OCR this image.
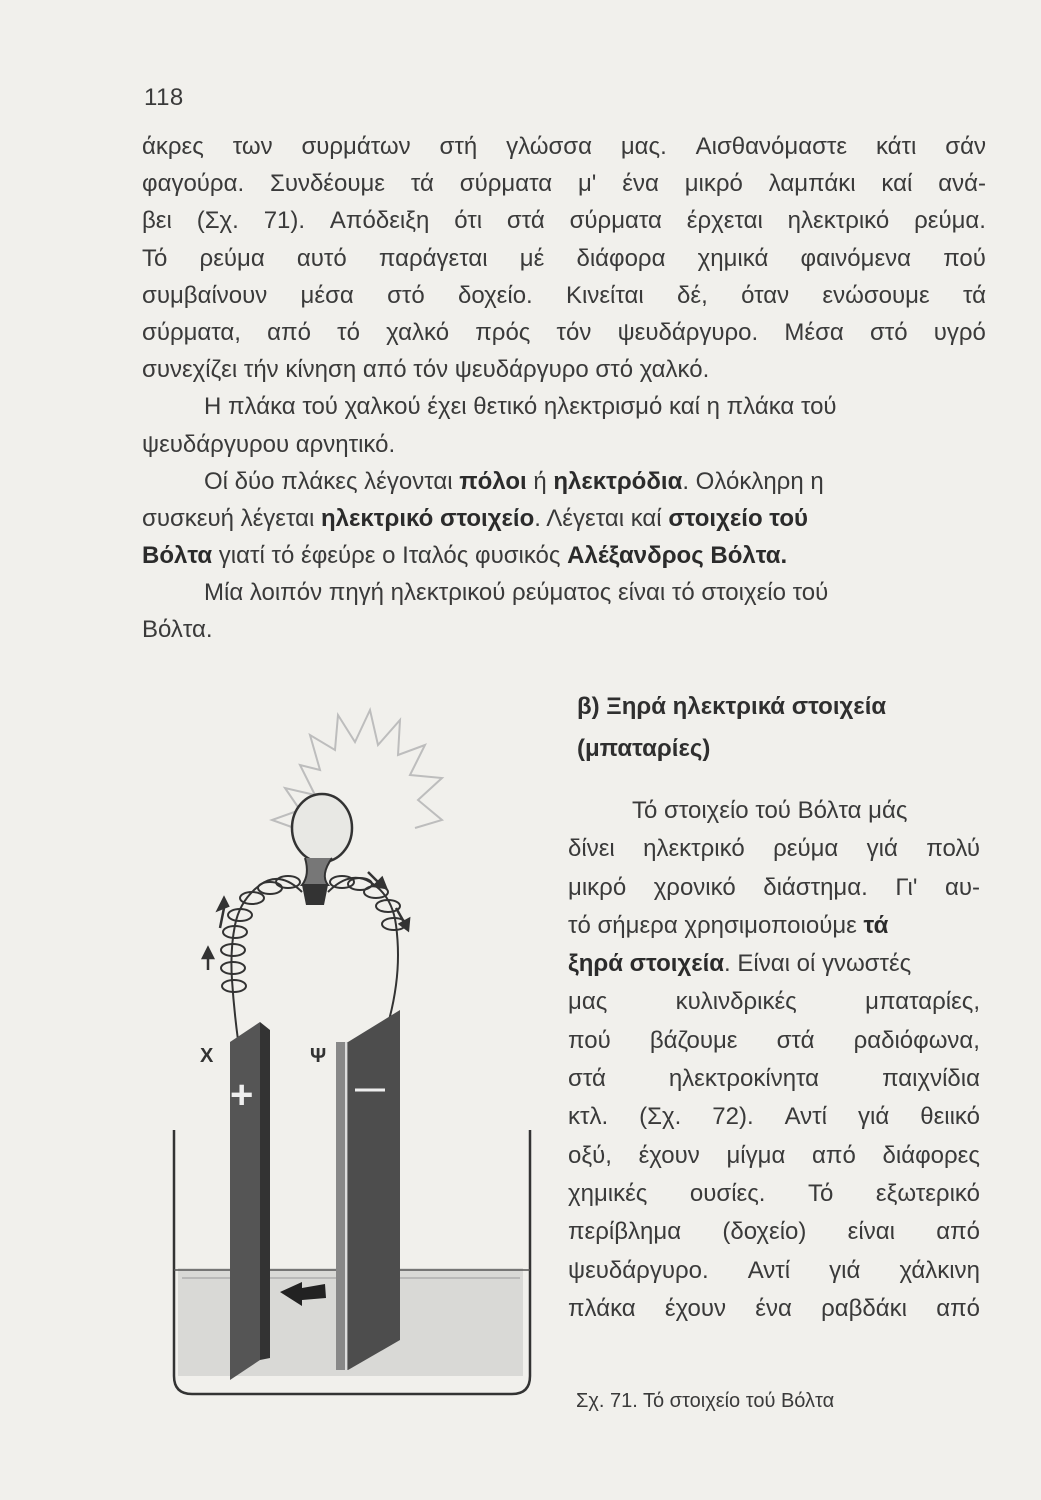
118
άκρες των συρμάτων στή γλώσσα μας. Αισθανόμαστε κάτι σάν
φαγούρα. Συνδέουμε τά σύρματα μ' ένα μικρό λαμπάκι καί ανά-
βει (Σχ. 71). Απόδειξη ότι στά σύρματα έρχεται ηλεκτρικό ρεύμα.
Τό ρεύμα αυτό παράγεται μέ διάφορα χημικά φαινόμενα πού
συμβαίνουν μέσα στό δοχείο. Κινείται δέ, όταν ενώσουμε τά
σύρματα, από τό χαλκό πρός τόν ψευδάργυρο. Μέσα στό υγρό
συνεχίζει τήν κίνηση από τόν ψευδάργυρο στό χαλκό.
Η πλάκα τού χαλκού έχει θετικό ηλεκτρισμό καί η πλάκα τού
ψευδάργυρου αρνητικό.
Οί δύο πλάκες λέγονται πόλοι ή ηλεκτρόδια. Ολόκληρη η
συσκευή λέγεται ηλεκτρικό στοιχείο. Λέγεται καί στοιχείο τού
Βόλτα γιατί τό έφεύρε ο Ιταλός φυσικός Αλέξανδρος Βόλτα.
Μία λοιπόν πηγή ηλεκτρικού ρεύματος είναι τό στοιχείο τού
Βόλτα.
β) Ξηρά ηλεκτρικά στοιχεία
(μπαταρίες)
Τό στοιχείο τού Βόλτα μάς
δίνει ηλεκτρικό ρεύμα γιά πολύ
μικρό χρονικό διάστημα. Γι' αυ-
τό σήμερα χρησιμοποιούμε τά
ξηρά στοιχεία. Είναι οί γνωστές
μας	κυλινδρικές	μπαταρίες,
πού βάζουμε στά ραδιόφωνα,
στά	ηλεκτροκίνητα	παιχνίδια
κτλ. (Σχ. 72). Αντί γιά θειικό
οξύ, έχουν μίγμα από διάφορες
χημικές ουσίες. Τό εξωτερικό
περίβλημα (δοχείο) είναι από
ψευδάργυρο. Αντί γιά χάλκινη
πλάκα έχουν ένα ραβδάκι από
X	Ψ
+	—
Σχ. 71. Τό στοιχείο τού Βόλτα
